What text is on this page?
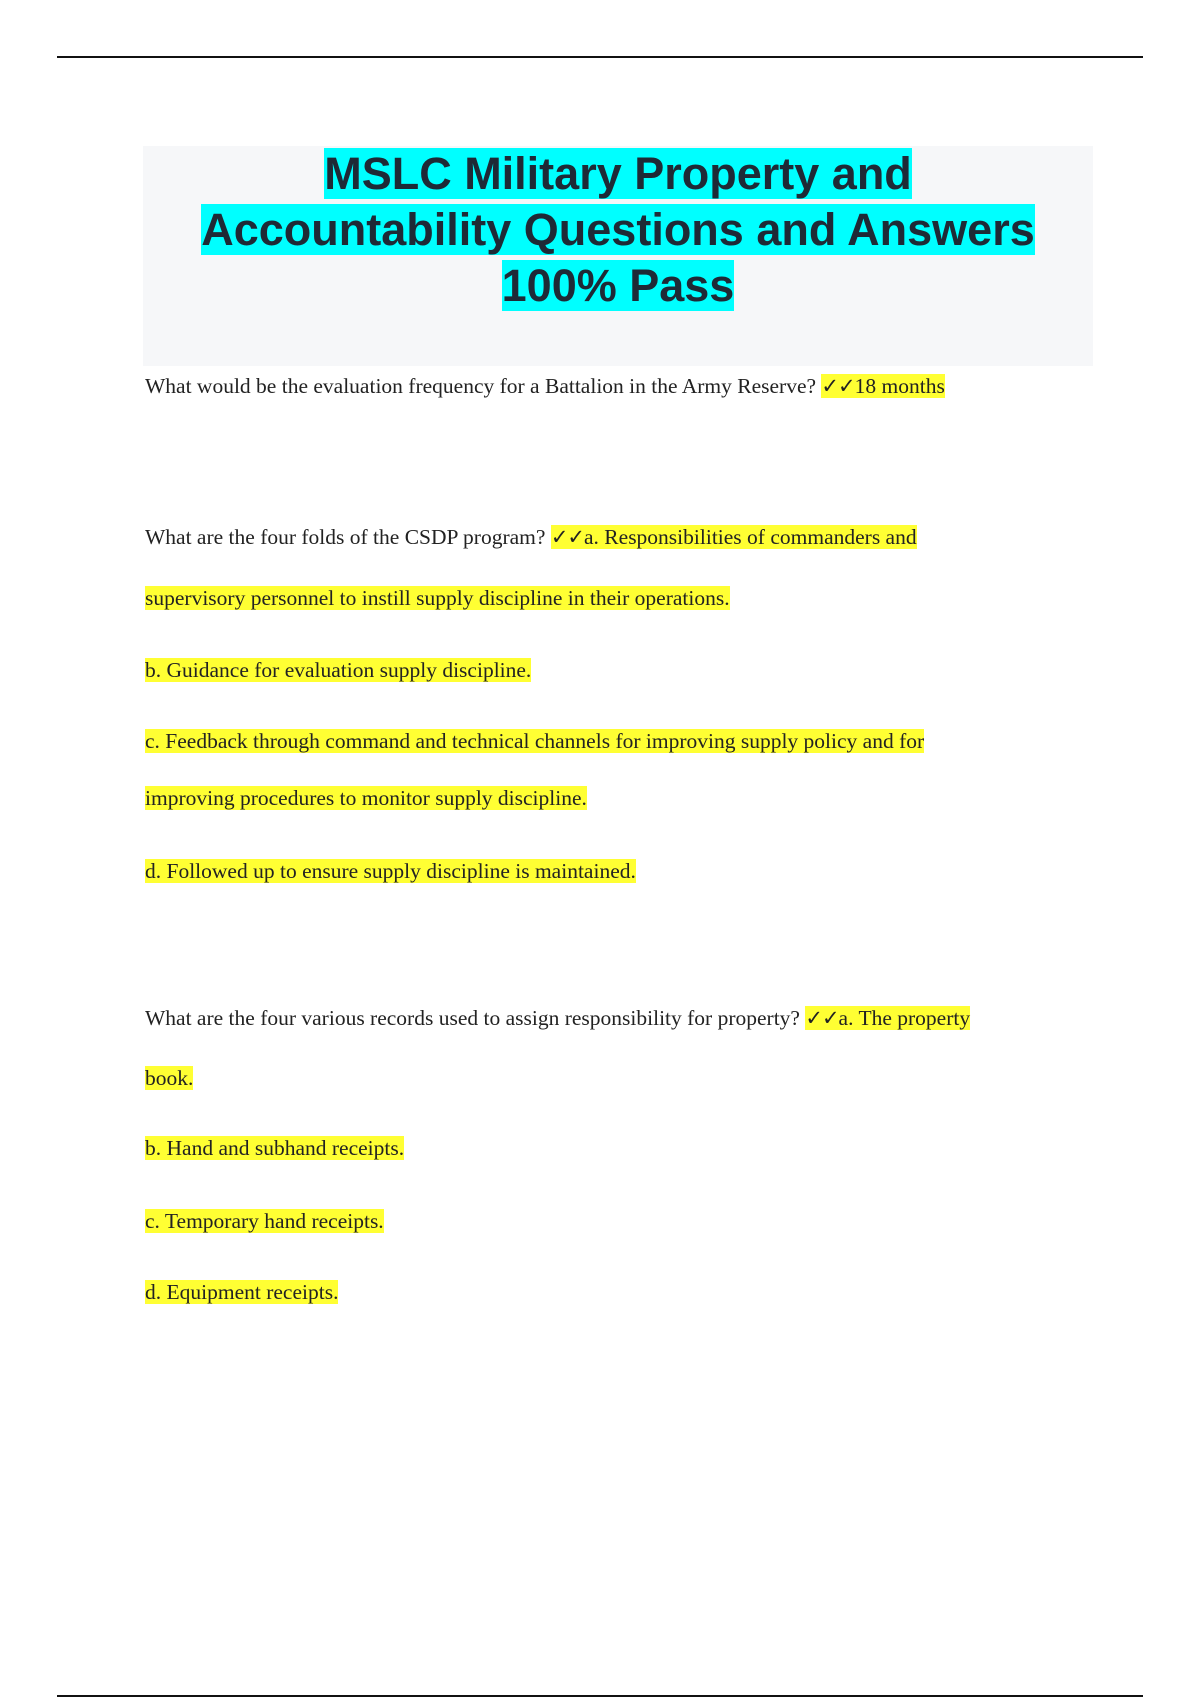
MSLC Military Property and
Accountability Questions and Answers
100% Pass
What would be the evaluation frequency for a Battalion in the Army Reserve? ✓✓18 months
What are the four folds of the CSDP program? ✓✓a. Responsibilities of commanders and
supervisory personnel to instill supply discipline in their operations.
b. Guidance for evaluation supply discipline.
c. Feedback through command and technical channels for improving supply policy and for
improving procedures to monitor supply discipline.
d. Followed up to ensure supply discipline is maintained.
What are the four various records used to assign responsibility for property? ✓✓a. The property
book.
b. Hand and subhand receipts.
c. Temporary hand receipts.
d. Equipment receipts.
